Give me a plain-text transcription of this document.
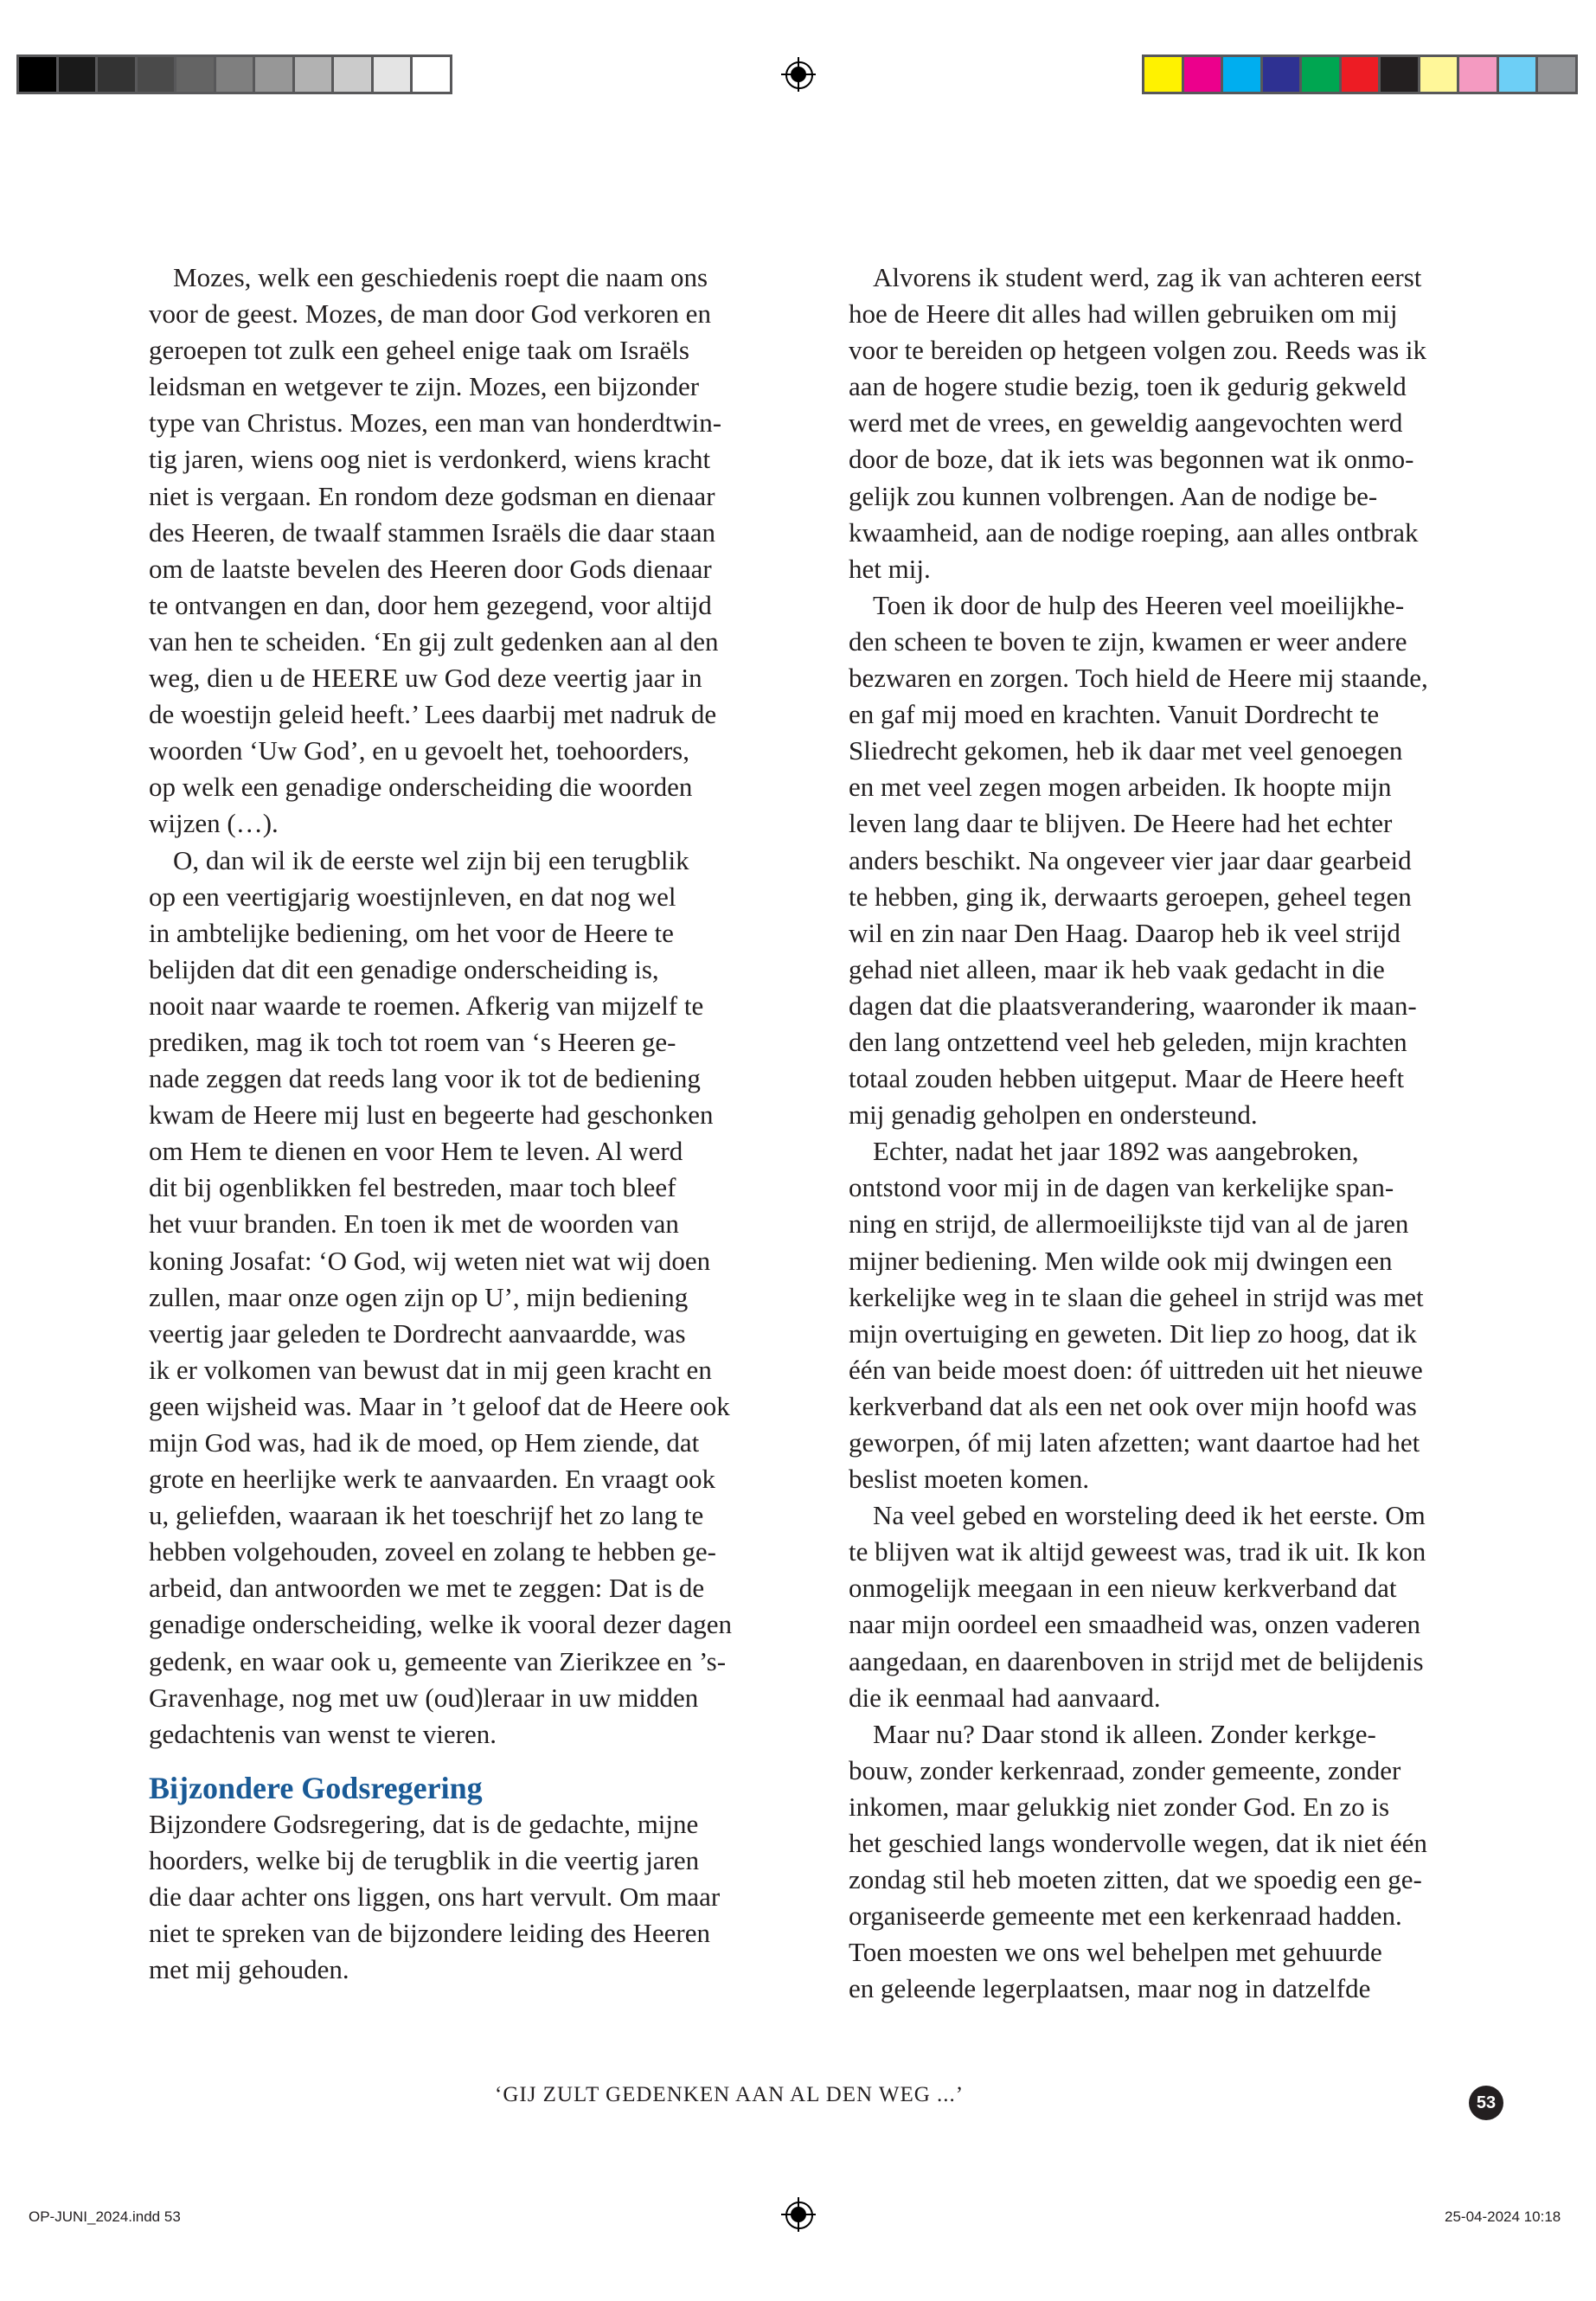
Mozes, welk een geschiedenis roept die naam ons
voor de geest. Mozes, de man door God verkoren en
geroepen tot zulk een geheel enige taak om Israëls
leidsman en wetgever te zijn. Mozes, een bijzonder
type van Christus. Mozes, een man van honderdtwin-
tig jaren, wiens oog niet is verdonkerd, wiens kracht
niet is vergaan. En rondom deze godsman en dienaar
des Heeren, de twaalf stammen Israëls die daar staan
om de laatste bevelen des Heeren door Gods dienaar
te ontvangen en dan, door hem gezegend, voor altijd
van hen te scheiden. ‘En gij zult gedenken aan al den
weg, dien u de HEERE uw God deze veertig jaar in
de woestijn geleid heeft.’ Lees daarbij met nadruk de
woorden ‘Uw God’, en u gevoelt het, toehoorders,
op welk een genadige onderscheiding die woorden
wijzen (…).
O, dan wil ik de eerste wel zijn bij een terugblik
op een veertigjarig woestijnleven, en dat nog wel
in ambtelijke bediening, om het voor de Heere te
belijden dat dit een genadige onderscheiding is,
nooit naar waarde te roemen. Afkerig van mijzelf te
prediken, mag ik toch tot roem van ‘s Heeren ge-
nade zeggen dat reeds lang voor ik tot de bediening
kwam de Heere mij lust en begeerte had geschonken
om Hem te dienen en voor Hem te leven. Al werd
dit bij ogenblikken fel bestreden, maar toch bleef
het vuur branden. En toen ik met de woorden van
koning Josafat: ‘O God, wij weten niet wat wij doen
zullen, maar onze ogen zijn op U’, mijn bediening
veertig jaar geleden te Dordrecht aanvaardde, was
ik er volkomen van bewust dat in mij geen kracht en
geen wijsheid was. Maar in ’t geloof dat de Heere ook
mijn God was, had ik de moed, op Hem ziende, dat
grote en heerlijke werk te aanvaarden. En vraagt ook
u, geliefden, waaraan ik het toeschrijf het zo lang te
hebben volgehouden, zoveel en zolang te hebben ge-
arbeid, dan antwoorden we met te zeggen: Dat is de
genadige onderscheiding, welke ik vooral dezer dagen
gedenk, en waar ook u, gemeente van Zierikzee en ’s-
Gravenhage, nog met uw (oud)leraar in uw midden
gedachtenis van wenst te vieren.
Bijzondere Godsregering
Bijzondere Godsregering, dat is de gedachte, mijne
hoorders, welke bij de terugblik in die veertig jaren
die daar achter ons liggen, ons hart vervult. Om maar
niet te spreken van de bijzondere leiding des Heeren
met mij gehouden.
Alvorens ik student werd, zag ik van achteren eerst
hoe de Heere dit alles had willen gebruiken om mij
voor te bereiden op hetgeen volgen zou. Reeds was ik
aan de hogere studie bezig, toen ik gedurig gekweld
werd met de vrees, en geweldig aangevochten werd
door de boze, dat ik iets was begonnen wat ik onmo-
gelijk zou kunnen volbrengen. Aan de nodige be-
kwaamheid, aan de nodige roeping, aan alles ontbrak
het mij.
Toen ik door de hulp des Heeren veel moeilijkhe-
den scheen te boven te zijn, kwamen er weer andere
bezwaren en zorgen. Toch hield de Heere mij staande,
en gaf mij moed en krachten. Vanuit Dordrecht te
Sliedrecht gekomen, heb ik daar met veel genoegen
en met veel zegen mogen arbeiden. Ik hoopte mijn
leven lang daar te blijven. De Heere had het echter
anders beschikt. Na ongeveer vier jaar daar gearbeid
te hebben, ging ik, derwaarts geroepen, geheel tegen
wil en zin naar Den Haag. Daarop heb ik veel strijd
gehad niet alleen, maar ik heb vaak gedacht in die
dagen dat die plaatsverandering, waaronder ik maan-
den lang ontzettend veel heb geleden, mijn krachten
totaal zouden hebben uitgeput. Maar de Heere heeft
mij genadig geholpen en ondersteund.
Echter, nadat het jaar 1892 was aangebroken,
ontstond voor mij in de dagen van kerkelijke span-
ning en strijd, de allermoeilijkste tijd van al de jaren
mijner bediening. Men wilde ook mij dwingen een
kerkelijke weg in te slaan die geheel in strijd was met
mijn overtuiging en geweten. Dit liep zo hoog, dat ik
één van beide moest doen: óf uittreden uit het nieuwe
kerkverband dat als een net ook over mijn hoofd was
geworpen, óf mij laten afzetten; want daartoe had het
beslist moeten komen.
Na veel gebed en worsteling deed ik het eerste. Om
te blijven wat ik altijd geweest was, trad ik uit. Ik kon
onmogelijk meegaan in een nieuw kerkverband dat
naar mijn oordeel een smaadheid was, onzen vaderen
aangedaan, en daarenboven in strijd met de belijdenis
die ik eenmaal had aanvaard.
Maar nu? Daar stond ik alleen. Zonder kerkge-
bouw, zonder kerkenraad, zonder gemeente, zonder
inkomen, maar gelukkig niet zonder God. En zo is
het geschied langs wondervolle wegen, dat ik niet één
zondag stil heb moeten zitten, dat we spoedig een ge-
organiseerde gemeente met een kerkenraad hadden.
Toen moesten we ons wel behelpen met gehuurde
en geleende legerplaatsen, maar nog in datzelfde
‘GIJ ZULT GEDENKEN AAN AL DEN WEG ...’	53
OP-JUNI_2024.indd 53	25-04-2024 10:18
